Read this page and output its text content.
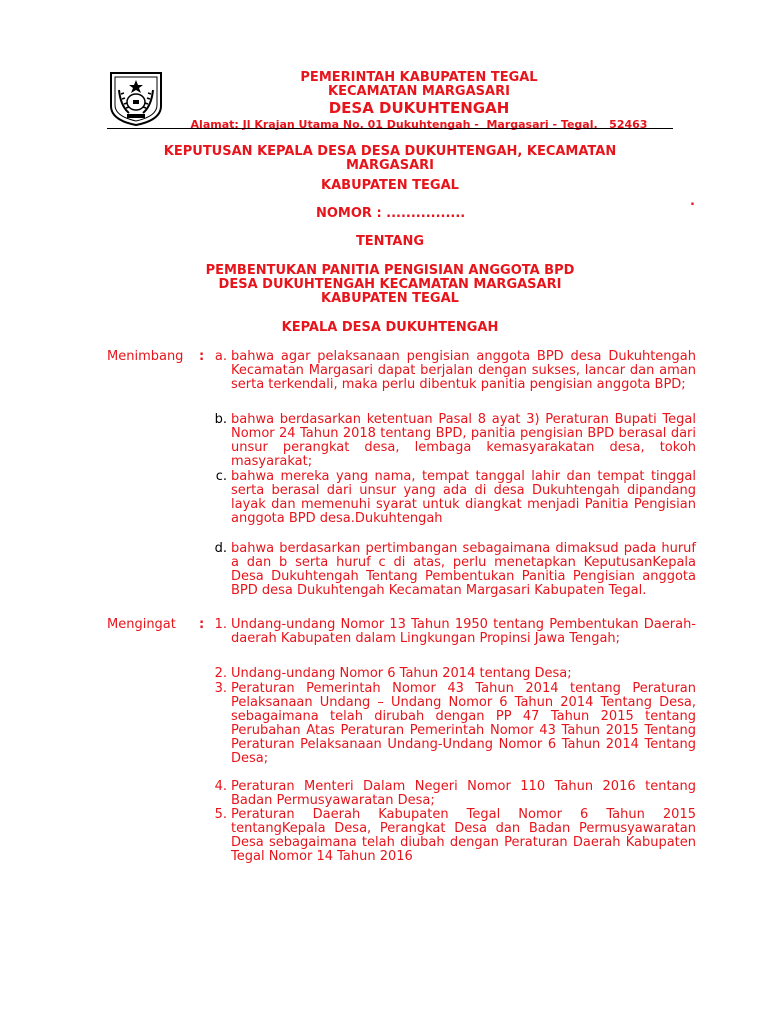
PEMERINTAH KABUPATEN TEGAL
KECAMATAN MARGASARI
DESA DUKUHTENGAH
Alamat: Jl Krajan Utama No. 01 Dukuhtengah -  Margasari - Tegal.   52463
KEPUTUSAN KEPALA DESA DESA DUKUHTENGAH, KECAMATAN
MARGASARI
KABUPATEN TEGAL
.
NOMOR : ................
TENTANG
PEMBENTUKAN PANITIA PENGISIAN ANGGOTA BPD
DESA DUKUHTENGAH KECAMATAN MARGASARI
KABUPATEN TEGAL
KEPALA DESA DUKUHTENGAH
Menimbang : a. bahwa agar pelaksanaan pengisian anggota BPD desa Dukuhtengah Kecamatan Margasari dapat berjalan dengan sukses, lancar dan aman serta terkendali, maka perlu dibentuk panitia pengisian anggota BPD;
b. bahwa berdasarkan ketentuan Pasal 8 ayat 3) Peraturan Bupati Tegal Nomor 24 Tahun 2018 tentang BPD, panitia pengisian BPD berasal dari unsur perangkat desa, lembaga kemasyarakatan desa, tokoh masyarakat;
c. bahwa mereka yang nama, tempat tanggal lahir dan tempat tinggal serta berasal dari unsur yang ada di desa Dukuhtengah dipandang layak dan memenuhi syarat untuk diangkat menjadi Panitia Pengisian anggota BPD desa.Dukuhtengah
d. bahwa berdasarkan pertimbangan sebagaimana dimaksud pada huruf a dan b serta huruf c di atas, perlu menetapkan KeputusanKepala Desa Dukuhtengah Tentang Pembentukan Panitia Pengisian anggota BPD desa Dukuhtengah Kecamatan Margasari Kabupaten Tegal.
Mengingat : 1. Undang-undang Nomor 13 Tahun 1950 tentang Pembentukan Daerah-daerah Kabupaten dalam Lingkungan Propinsi Jawa Tengah;
2. Undang-undang Nomor 6 Tahun 2014 tentang Desa;
3. Peraturan Pemerintah Nomor 43 Tahun 2014 tentang Peraturan Pelaksanaan Undang – Undang Nomor 6 Tahun 2014 Tentang Desa, sebagaimana telah dirubah dengan PP 47 Tahun 2015 tentang Perubahan Atas Peraturan Pemerintah Nomor 43 Tahun 2015 Tentang Peraturan Pelaksanaan Undang-Undang Nomor 6 Tahun 2014 Tentang Desa;
4. Peraturan Menteri Dalam Negeri Nomor 110 Tahun 2016 tentang Badan Permusyawaratan Desa;
5. Peraturan Daerah Kabupaten Tegal Nomor 6 Tahun 2015 tentangKepala Desa, Perangkat Desa dan Badan Permusyawaratan Desa sebagaimana telah diubah dengan Peraturan Daerah Kabupaten Tegal Nomor 14 Tahun 2016
